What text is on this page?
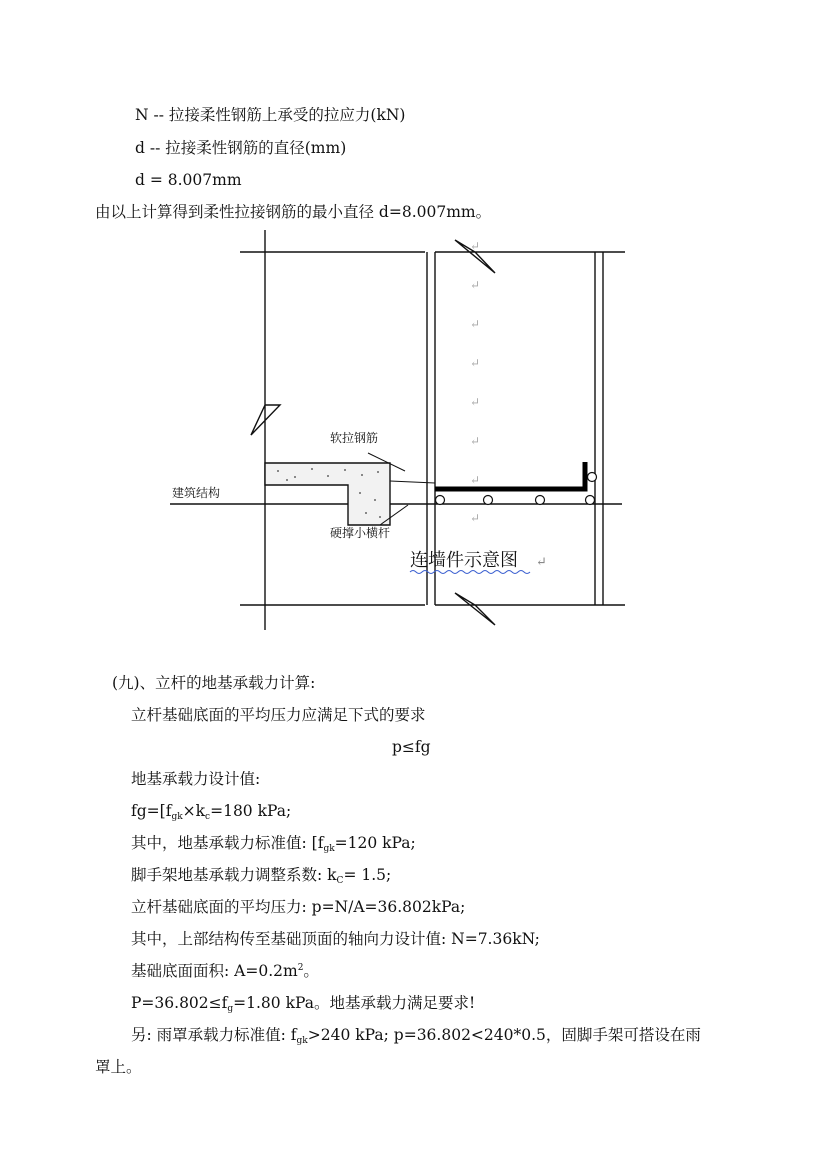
N -- 拉接柔性钢筋上承受的拉应力(kN)
d -- 拉接柔性钢筋的直径(mm)
d = 8.007mm
由以上计算得到柔性拉接钢筋的最小直径 d=8.007mm。
软拉钢筋
建筑结构
硬撑小横杆
连墙件示意图 ↵
↵
↵
↵
↵
↵
↵
↵
↵
(九)、立杆的地基承载力计算:
立杆基础底面的平均压力应满足下式的要求
p≤fg
地基承载力设计值:
$fg=[f_{gk}\times k_c=180$ kPa;
其中，地基承载力标准值: [$f_{gk}=120$ kPa;
脚手架地基承载力调整系数: $k_C= 1.5$;
立杆基础底面的平均压力: p=N/A=36.802kPa;
其中，上部结构传至基础顶面的轴向力设计值: N=7.36kN;
基础底面面积: $A=0.2m^2$。
$P=36.802\le f_g=1.80$ kPa。地基承载力满足要求!
另: 雨罩承载力标准值: $f_{gk}>240$ kPa; p=36.802<240*0.5，固脚手架可搭设在雨
罩上。
